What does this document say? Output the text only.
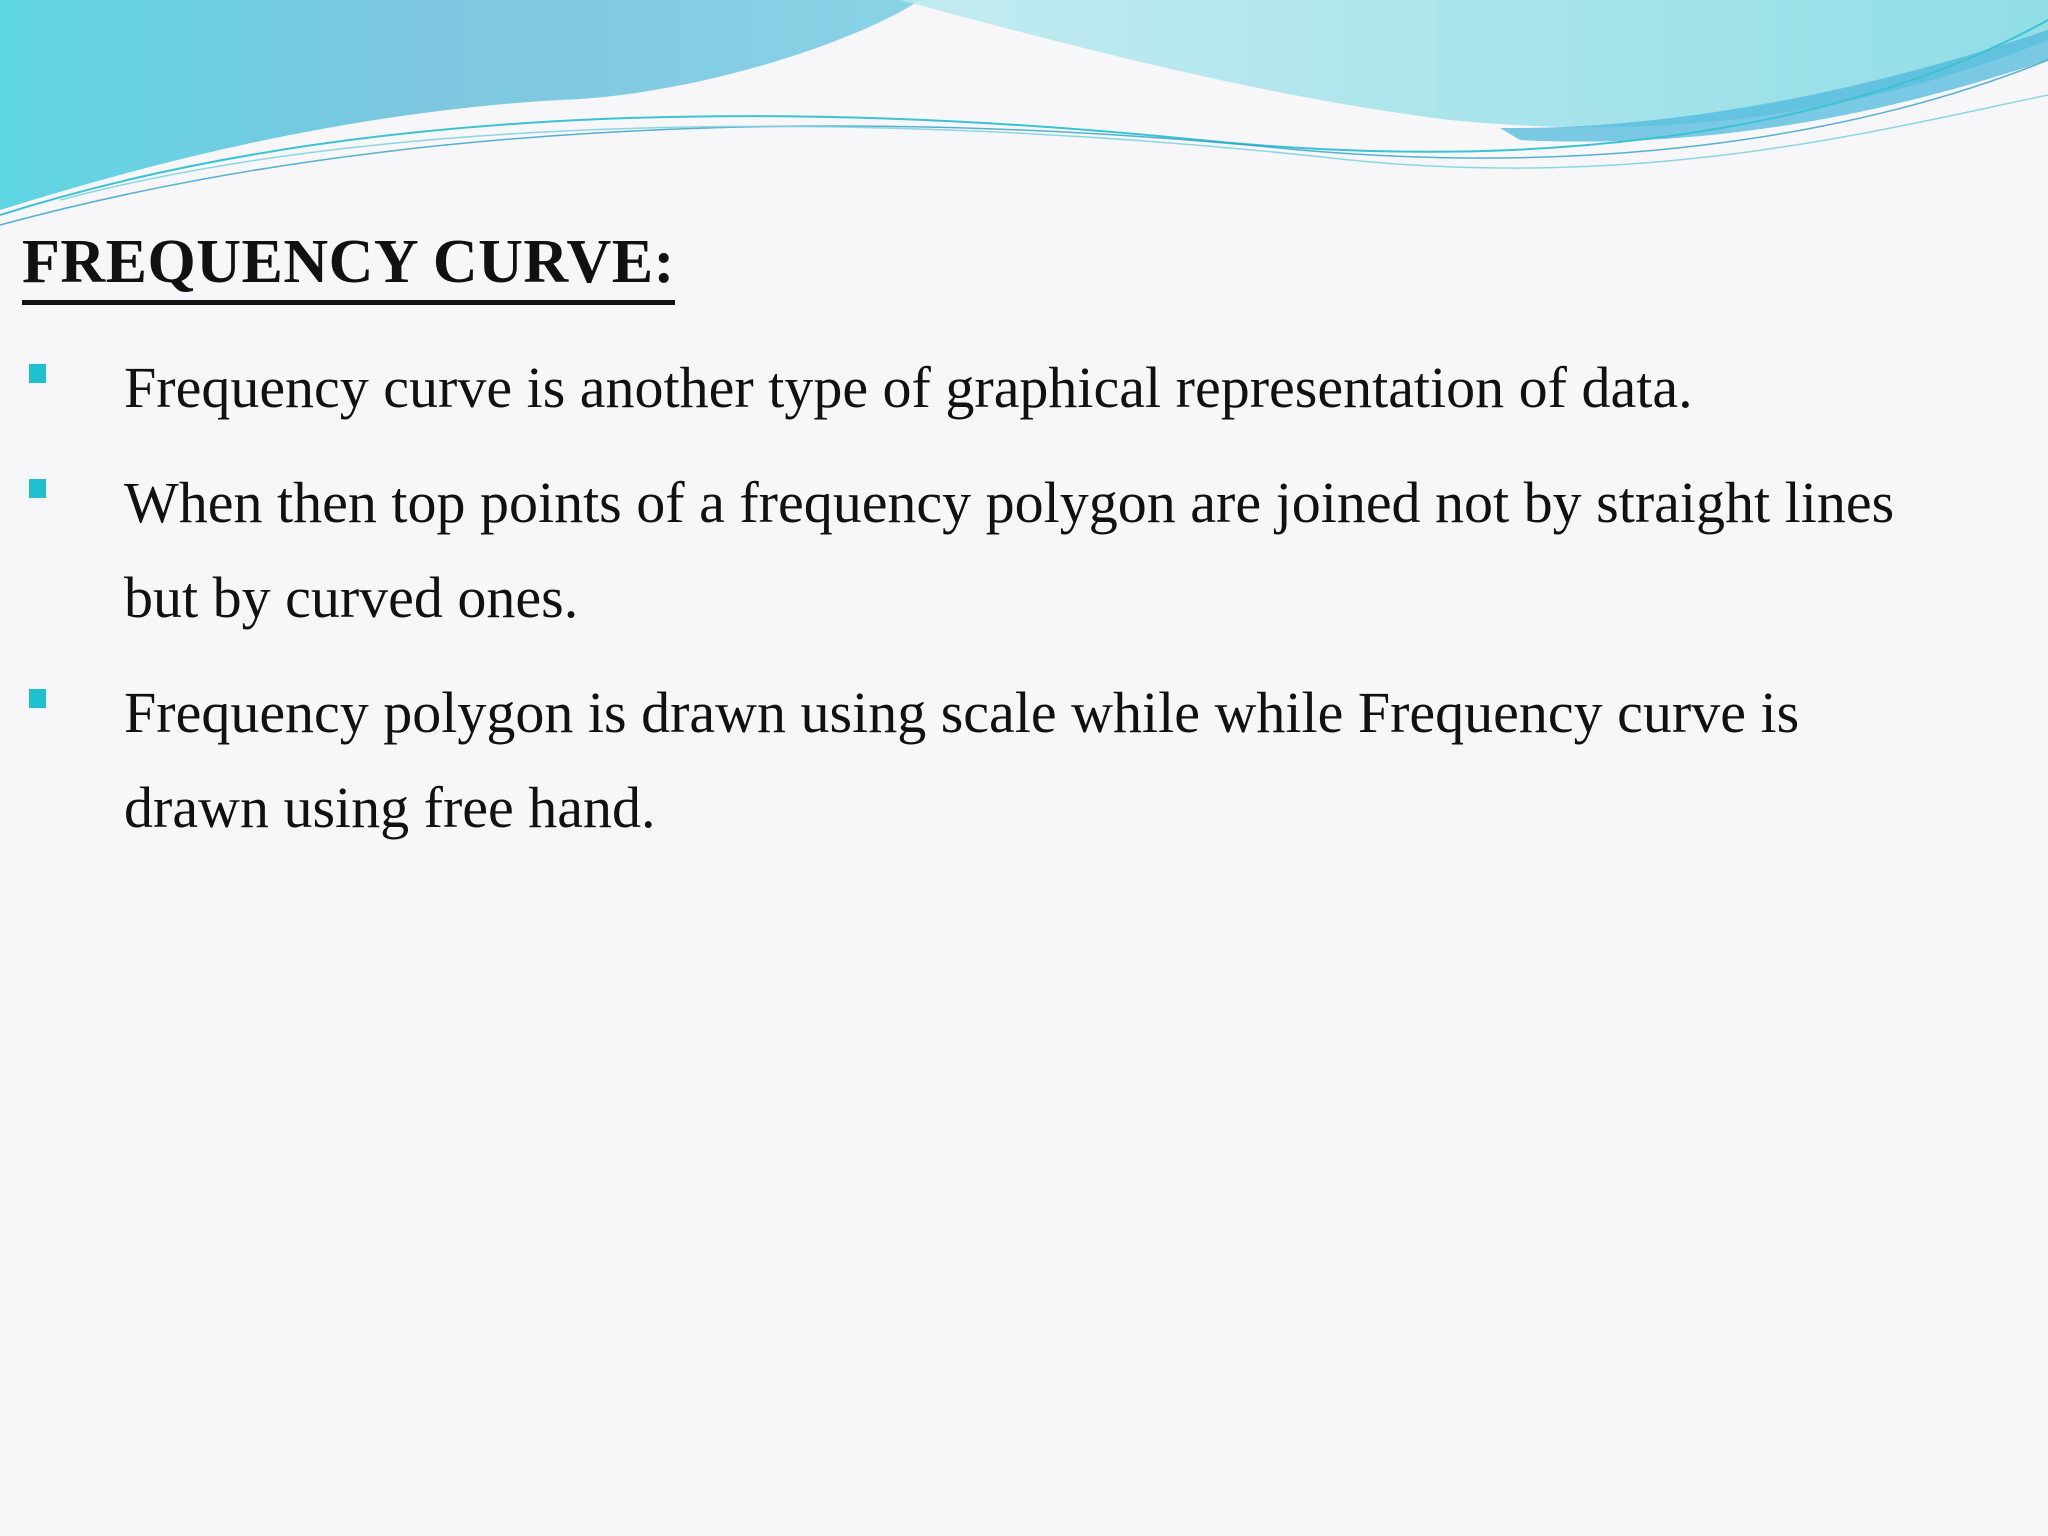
FREQUENCY CURVE:
Frequency curve is another type of graphical representation of data.
When then top points of a frequency polygon are joined not by straight lines but by curved ones.
Frequency polygon is drawn using scale while while Frequency curve is drawn using free hand.
